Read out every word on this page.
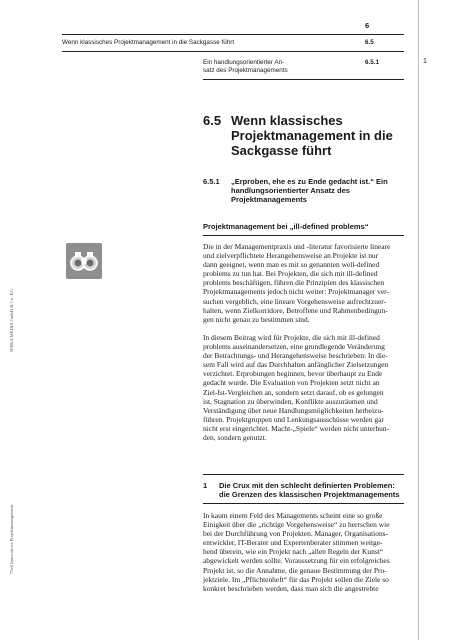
6
Wenn klassisches Projektmanagement in die Sackgasse führt	6.5
Ein handlungsorientierter An-
satz des Projektmanagements
6.5.1	1
6.5 Wenn klassisches
Projektmanagement in die
Sackgasse führt
6.5.1 „Erproben, ehe es zu Ende gedacht ist.“ Ein
handlungsorientierter Ansatz des
Projektmanagements
Projektmanagement bei „ill-defined problems“
Die in der Managementpraxis und -literatur favorisierte lineare
und zielverpflichtete Herangehensweise an Projekte ist nur
dann geeignet, wenn man es mit so genannten well-defined
problems zu tun hat. Bei Projekten, die sich mit ill-defined
problems beschäftigen, führen die Prinzipien des klassischen
Projektmanagements jedoch nicht weiter: Projektmanager ver-
suchen vergeblich, eine lineare Vorgehensweise aufrechtzuer-
halten, wenn Zielkorridore, Betroffene und Rahmenbedingun-
gen nicht genau zu bestimmen sind.
In diesem Beitrag wird für Projekte, die sich mit ill-defined
problems auseinandersetzen, eine grundlegende Veränderung
der Betrachtungs- und Herangehensweise beschrieben: In die-
sem Fall wird auf das Durchhalten anfänglicher Zielsetzungen
verzichtet. Erprobungen beginnen, bevor überhaupt zu Ende
gedacht wurde. Die Evaluation von Projekten setzt nicht an
Ziel-Ist-Vergleichen an, sondern setzt darauf, ob es gelungen
ist, Stagnation zu überwinden, Konflikte auszuräumen und
Verständigung über neue Handlungsmöglichkeiten herbeizu-
führen. Projektgruppen und Lenkungsausschüsse werden gar
nicht erst eingerichtet. Macht-„Spiele“ werden nicht unterbun-
den, sondern genutzt.
1 Die Crux mit den schlecht definierten Problemen:
die Grenzen des klassischen Projektmanagements
In kaum einem Feld des Managements scheint eine so große
Einigkeit über die „richtige Vorgehensweise“ zu herrschen wie
bei der Durchführung von Projekten. Manager, Organisations-
entwickler, IT-Berater und Expertenberater stimmen weitge-
hend überein, wie ein Projekt nach „allen Regeln der Kunst“
abgewickelt werden sollte. Voraussetzung für ein erfolgreiches
Projekt ist, so die Annahme, die genaue Bestimmung der Pro-
jektziele. Im „Pflichtenheft“ für das Projekt sollen die Ziele so
konkret beschrieben werden, dass man sich die angestrebte
WEKA MEDIA GmbH & Co. KG
73e6 Innovatives Projektmanagement
